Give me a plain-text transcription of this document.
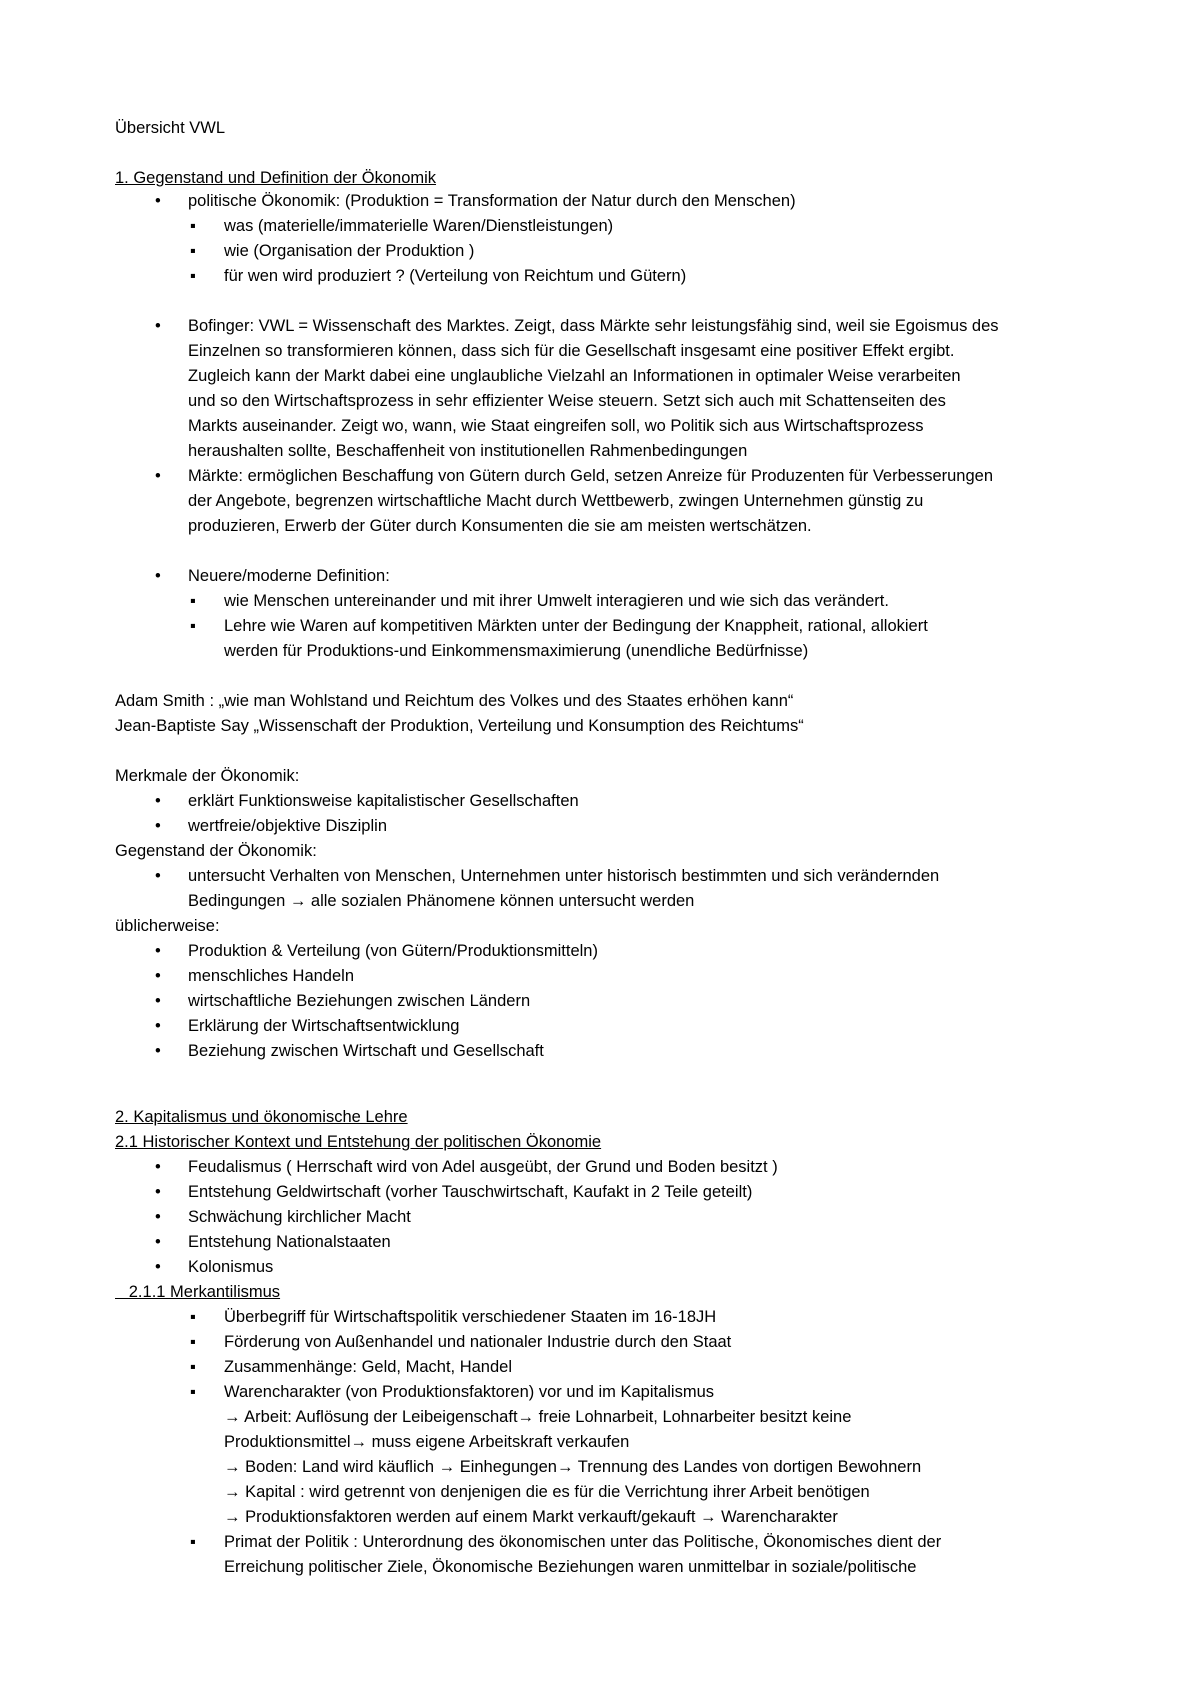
Übersicht VWL
1. Gegenstand und Definition der Ökonomik
• politische Ökonomik: (Produktion = Transformation der Natur durch den Menschen)
▪ was (materielle/immaterielle Waren/Dienstleistungen)
▪ wie (Organisation der Produktion )
▪ für wen wird produziert ? (Verteilung von Reichtum und Gütern)
• Bofinger: VWL = Wissenschaft des Marktes. Zeigt, dass Märkte sehr leistungsfähig sind, weil sie Egoismus des
Einzelnen so transformieren können, dass sich für die Gesellschaft insgesamt eine positiver Effekt ergibt.
Zugleich kann der Markt dabei eine unglaubliche Vielzahl an Informationen in optimaler Weise verarbeiten
und so den Wirtschaftsprozess in sehr effizienter Weise steuern. Setzt sich auch mit Schattenseiten des
Markts auseinander. Zeigt wo, wann, wie Staat eingreifen soll, wo Politik sich aus Wirtschaftsprozess
heraushalten sollte, Beschaffenheit von institutionellen Rahmenbedingungen
• Märkte: ermöglichen Beschaffung von Gütern durch Geld, setzen Anreize für Produzenten für Verbesserungen
der Angebote, begrenzen wirtschaftliche Macht durch Wettbewerb, zwingen Unternehmen günstig zu
produzieren, Erwerb der Güter durch Konsumenten die sie am meisten wertschätzen.
• Neuere/moderne Definition:
▪ wie Menschen untereinander und mit ihrer Umwelt interagieren und wie sich das verändert.
▪ Lehre wie Waren auf kompetitiven Märkten unter der Bedingung der Knappheit, rational, allokiert
werden für Produktions-und Einkommensmaximierung (unendliche Bedürfnisse)
Adam Smith : „wie man Wohlstand und Reichtum des Volkes und des Staates erhöhen kann“
Jean-Baptiste Say „Wissenschaft der Produktion, Verteilung und Konsumption des Reichtums“
Merkmale der Ökonomik:
• erklärt Funktionsweise kapitalistischer Gesellschaften
• wertfreie/objektive Disziplin
Gegenstand der Ökonomik:
• untersucht Verhalten von Menschen, Unternehmen unter historisch bestimmten und sich verändernden
Bedingungen → alle sozialen Phänomene können untersucht werden
üblicherweise:
• Produktion & Verteilung (von Gütern/Produktionsmitteln)
• menschliches Handeln
• wirtschaftliche Beziehungen zwischen Ländern
• Erklärung der Wirtschaftsentwicklung
• Beziehung zwischen Wirtschaft und Gesellschaft
2. Kapitalismus und ökonomische Lehre
2.1 Historischer Kontext und Entstehung der politischen Ökonomie
• Feudalismus ( Herrschaft wird von Adel ausgeübt, der Grund und Boden besitzt )
• Entstehung Geldwirtschaft (vorher Tauschwirtschaft, Kaufakt in 2 Teile geteilt)
• Schwächung kirchlicher Macht
• Entstehung Nationalstaaten
• Kolonismus
2.1.1 Merkantilismus
▪ Überbegriff für Wirtschaftspolitik verschiedener Staaten im 16-18JH
▪ Förderung von Außenhandel und nationaler Industrie durch den Staat
▪ Zusammenhänge: Geld, Macht, Handel
▪ Warencharakter (von Produktionsfaktoren) vor und im Kapitalismus
→ Arbeit: Auflösung der Leibeigenschaft→ freie Lohnarbeit, Lohnarbeiter besitzt keine
Produktionsmittel→ muss eigene Arbeitskraft verkaufen
→ Boden: Land wird käuflich → Einhegungen→ Trennung des Landes von dortigen Bewohnern
→ Kapital : wird getrennt von denjenigen die es für die Verrichtung ihrer Arbeit benötigen
→ Produktionsfaktoren werden auf einem Markt verkauft/gekauft → Warencharakter
▪ Primat der Politik : Unterordnung des ökonomischen unter das Politische, Ökonomisches dient der
Erreichung politischer Ziele, Ökonomische Beziehungen waren unmittelbar in soziale/politische
